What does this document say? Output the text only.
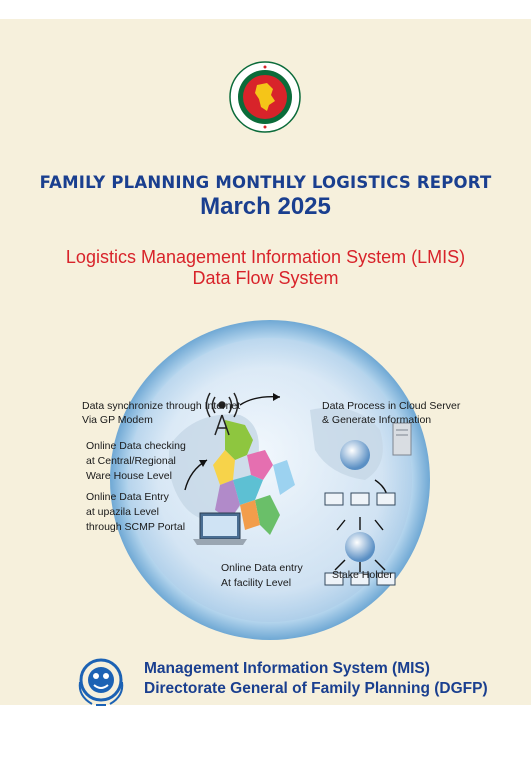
FAMILY PLANNING MONTHLY LOGISTICS REPORT
March 2025
Logistics Management Information System (LMIS)
Data Flow System
Data synchronize through Internet
Via GP Modem
Online Data checking
at Central/Regional
Ware House Level
Online Data Entry
at upazila Level
through SCMP Portal
Online Data entry
At facility Level
Data Process in Cloud Server
& Generate Information
Stake Holder
Management Information System (MIS)
Directorate General of Family Planning (DGFP)
